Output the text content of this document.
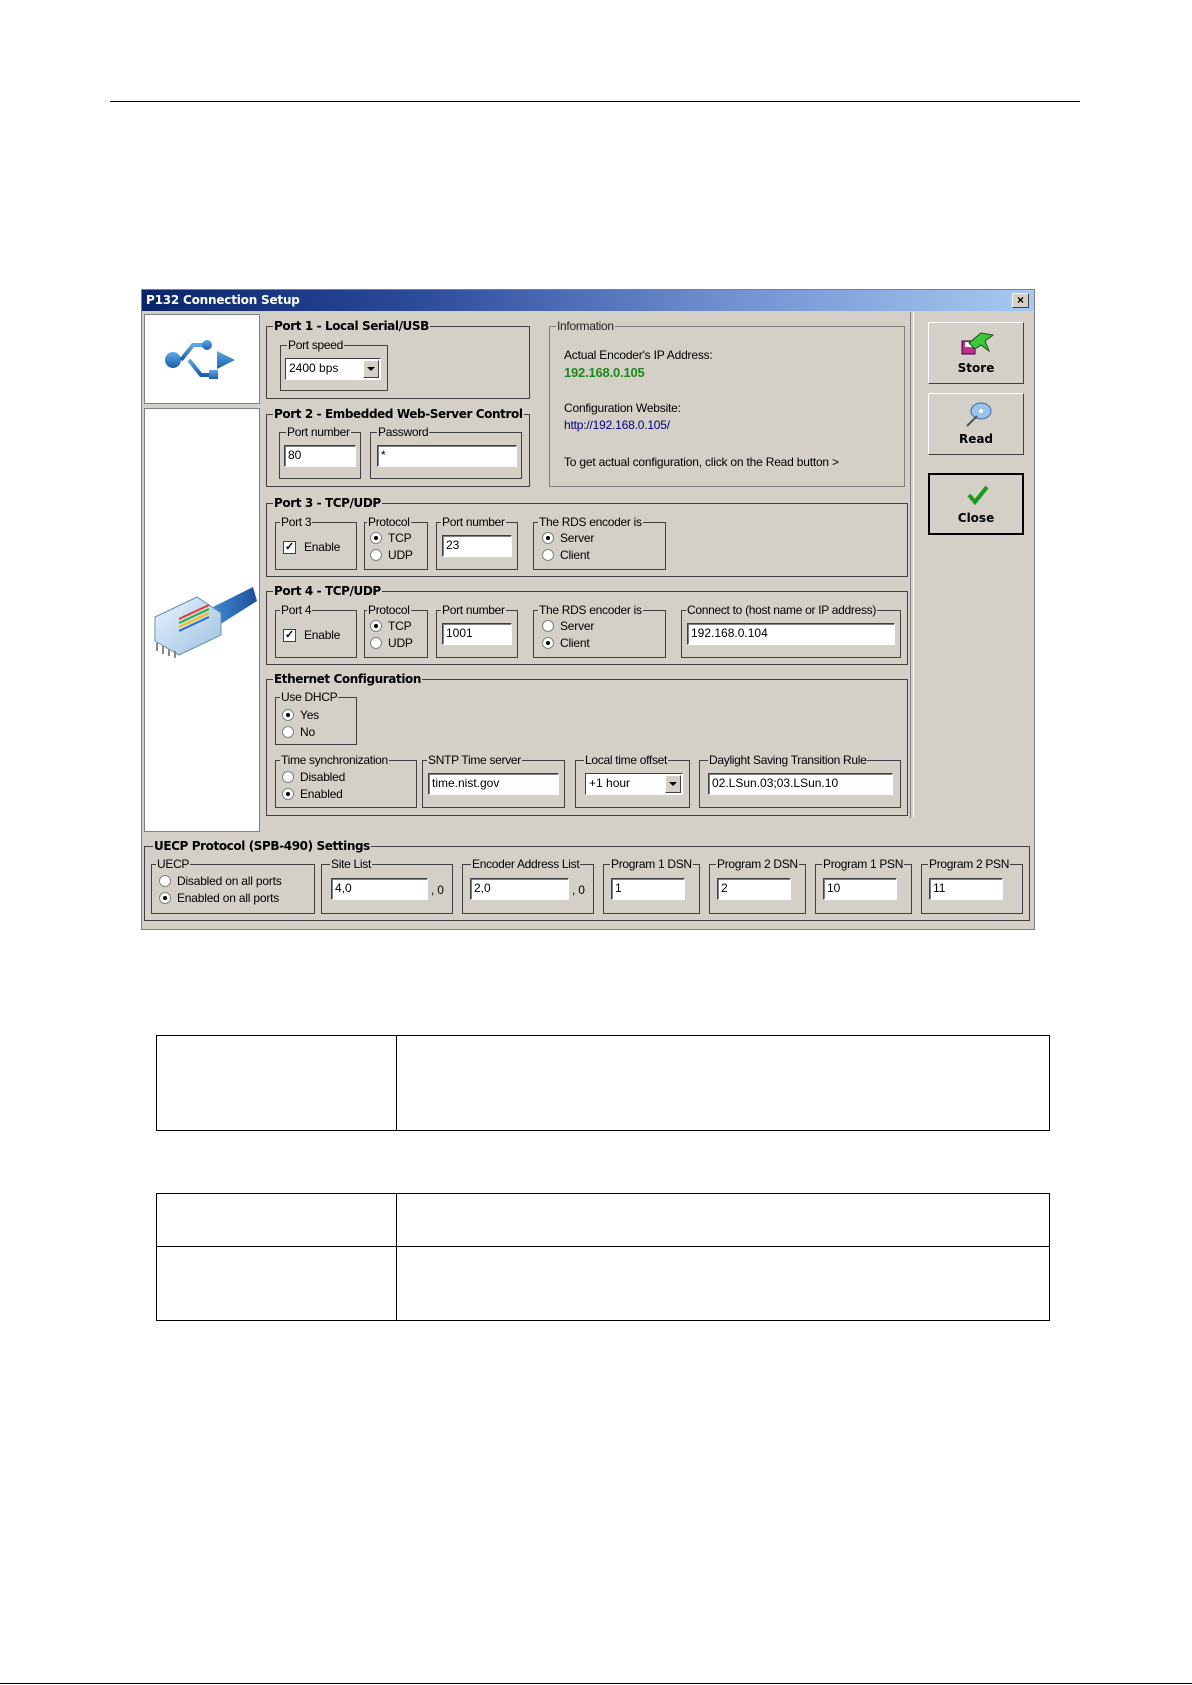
P132 Connection Setup	×
Port 1 - Local Serial/USB
Port speed
2400 bps
Information
Actual Encoder's IP Address:
192.168.0.105
Configuration Website:
http://192.168.0.105/
To get actual configuration, click on the Read button >
Port 2 - Embedded Web-Server Control
Port number
80
Password
*
Port 3 - TCP/UDP
Port 3
✓ Enable
Protocol
TCP
UDP
Port number
23
The RDS encoder is
Server
Client
Port 4 - TCP/UDP
Port 4
✓ Enable
Protocol
TCP
UDP
Port number
1001
The RDS encoder is
Server
Client
Connect to (host name or IP address)
192.168.0.104
Ethernet Configuration
Use DHCP
Yes
No
Time synchronization
Disabled
Enabled
SNTP Time server
time.nist.gov
Local time offset
+1 hour
Daylight Saving Transition Rule
02.LSun.03;03.LSun.10
Store
Read
Close
UECP Protocol (SPB-490) Settings
UECP
Disabled on all ports
Enabled on all ports
Site List
4,0	, 0
Encoder Address List
2,0	, 0
Program 1 DSN
1
Program 2 DSN
2
Program 1 PSN
10
Program 2 PSN
11
